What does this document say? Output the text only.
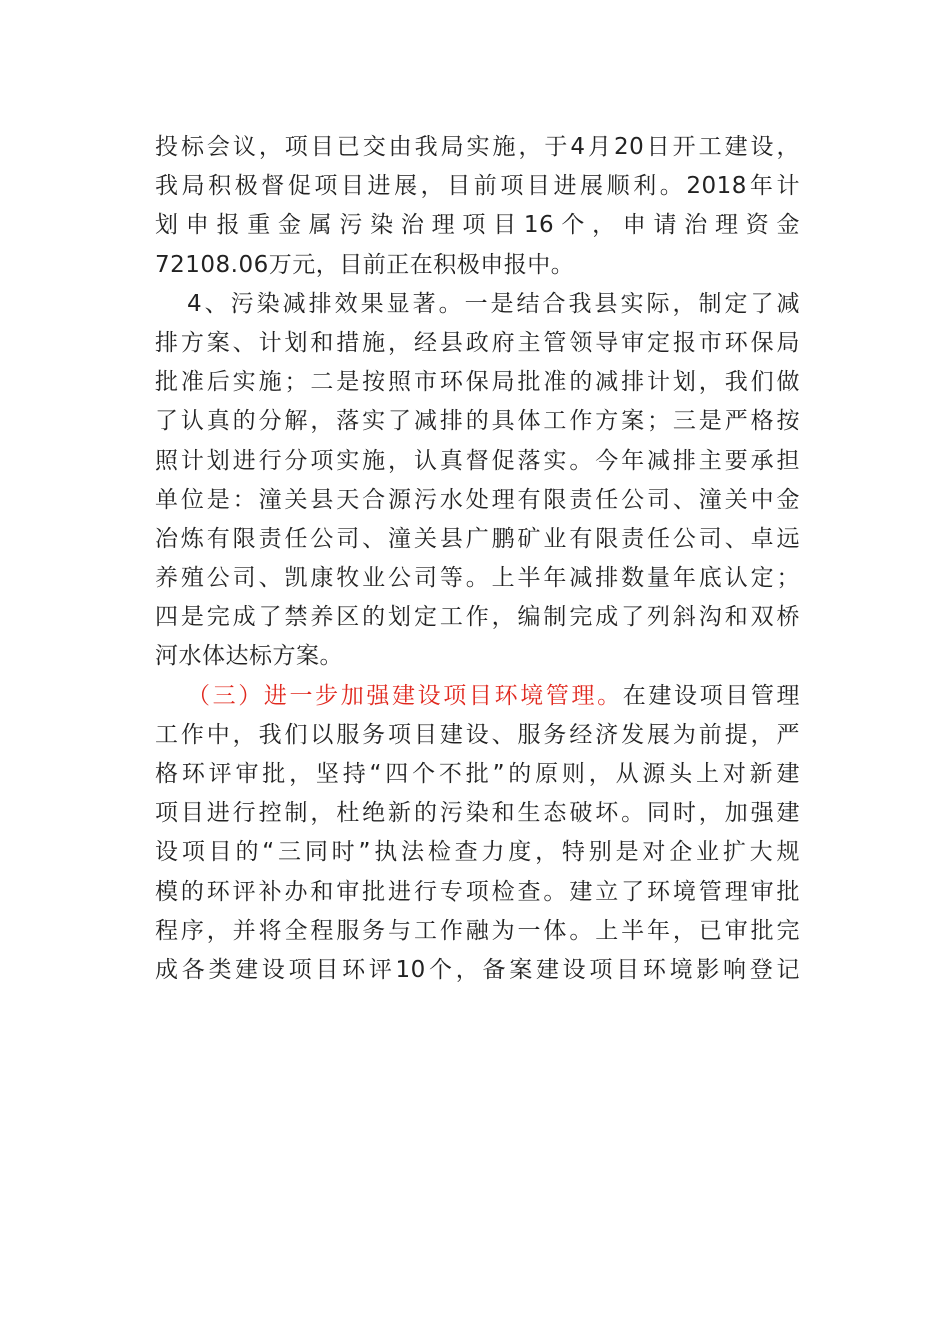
投标会议，项目已交由我局实施，于4月20日开工建设，
我局积极督促项目进展，目前项目进展顺利。2018年计
划申报重金属污染治理项目16个，申请治理资金
72108.06万元，目前正在积极申报中。
4、污染减排效果显著。一是结合我县实际，制定了减
排方案、计划和措施，经县政府主管领导审定报市环保局
批准后实施；二是按照市环保局批准的减排计划，我们做
了认真的分解，落实了减排的具体工作方案；三是严格按
照计划进行分项实施，认真督促落实。今年减排主要承担
单位是：潼关县天合源污水处理有限责任公司、潼关中金
冶炼有限责任公司、潼关县广鹏矿业有限责任公司、卓远
养殖公司、凯康牧业公司等。上半年减排数量年底认定；
四是完成了禁养区的划定工作，编制完成了列斜沟和双桥
河水体达标方案。
（三）进一步加强建设项目环境管理。在建设项目管理
工作中，我们以服务项目建设、服务经济发展为前提，严
格环评审批，坚持“四个不批”的原则，从源头上对新建
项目进行控制，杜绝新的污染和生态破坏。同时，加强建
设项目的“三同时”执法检查力度，特别是对企业扩大规
模的环评补办和审批进行专项检查。建立了环境管理审批
程序，并将全程服务与工作融为一体。上半年，已审批完
成各类建设项目环评10个，备案建设项目环境影响登记
